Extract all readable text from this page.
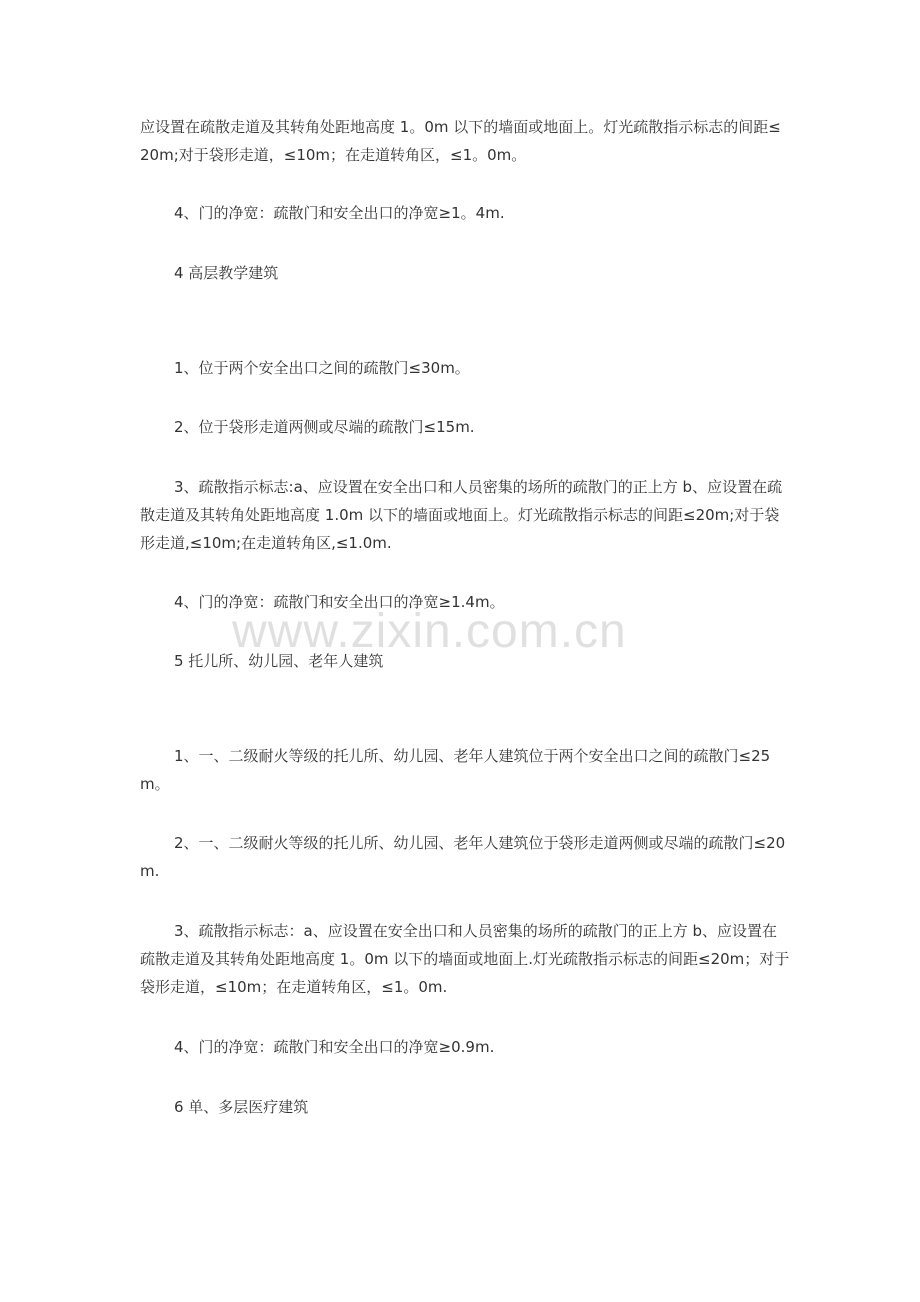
应设置在疏散走道及其转角处距地高度 1。0m 以下的墙面或地面上。灯光疏散指示标志的间距≤20m;对于袋形走道，≤10m；在走道转角区，≤1。0m。

4、门的净宽：疏散门和安全出口的净宽≥1。4m.

4 高层教学建筑

1、位于两个安全出口之间的疏散门≤30m。

2、位于袋形走道两侧或尽端的疏散门≤15m.

3、疏散指示标志:a、应设置在安全出口和人员密集的场所的疏散门的正上方 b、应设置在疏散走道及其转角处距地高度 1.0m 以下的墙面或地面上。灯光疏散指示标志的间距≤20m;对于袋形走道,≤10m;在走道转角区,≤1.0m.

4、门的净宽：疏散门和安全出口的净宽≥1.4m。

5 托儿所、幼儿园、老年人建筑

1、一、二级耐火等级的托儿所、幼儿园、老年人建筑位于两个安全出口之间的疏散门≤25m。

2、一、二级耐火等级的托儿所、幼儿园、老年人建筑位于袋形走道两侧或尽端的疏散门≤20m.

3、疏散指示标志：a、应设置在安全出口和人员密集的场所的疏散门的正上方 b、应设置在疏散走道及其转角处距地高度 1。0m 以下的墙面或地面上.灯光疏散指示标志的间距≤20m；对于袋形走道，≤10m；在走道转角区，≤1。0m.

4、门的净宽：疏散门和安全出口的净宽≥0.9m.

6 单、多层医疗建筑

www.zixin.com.cn
